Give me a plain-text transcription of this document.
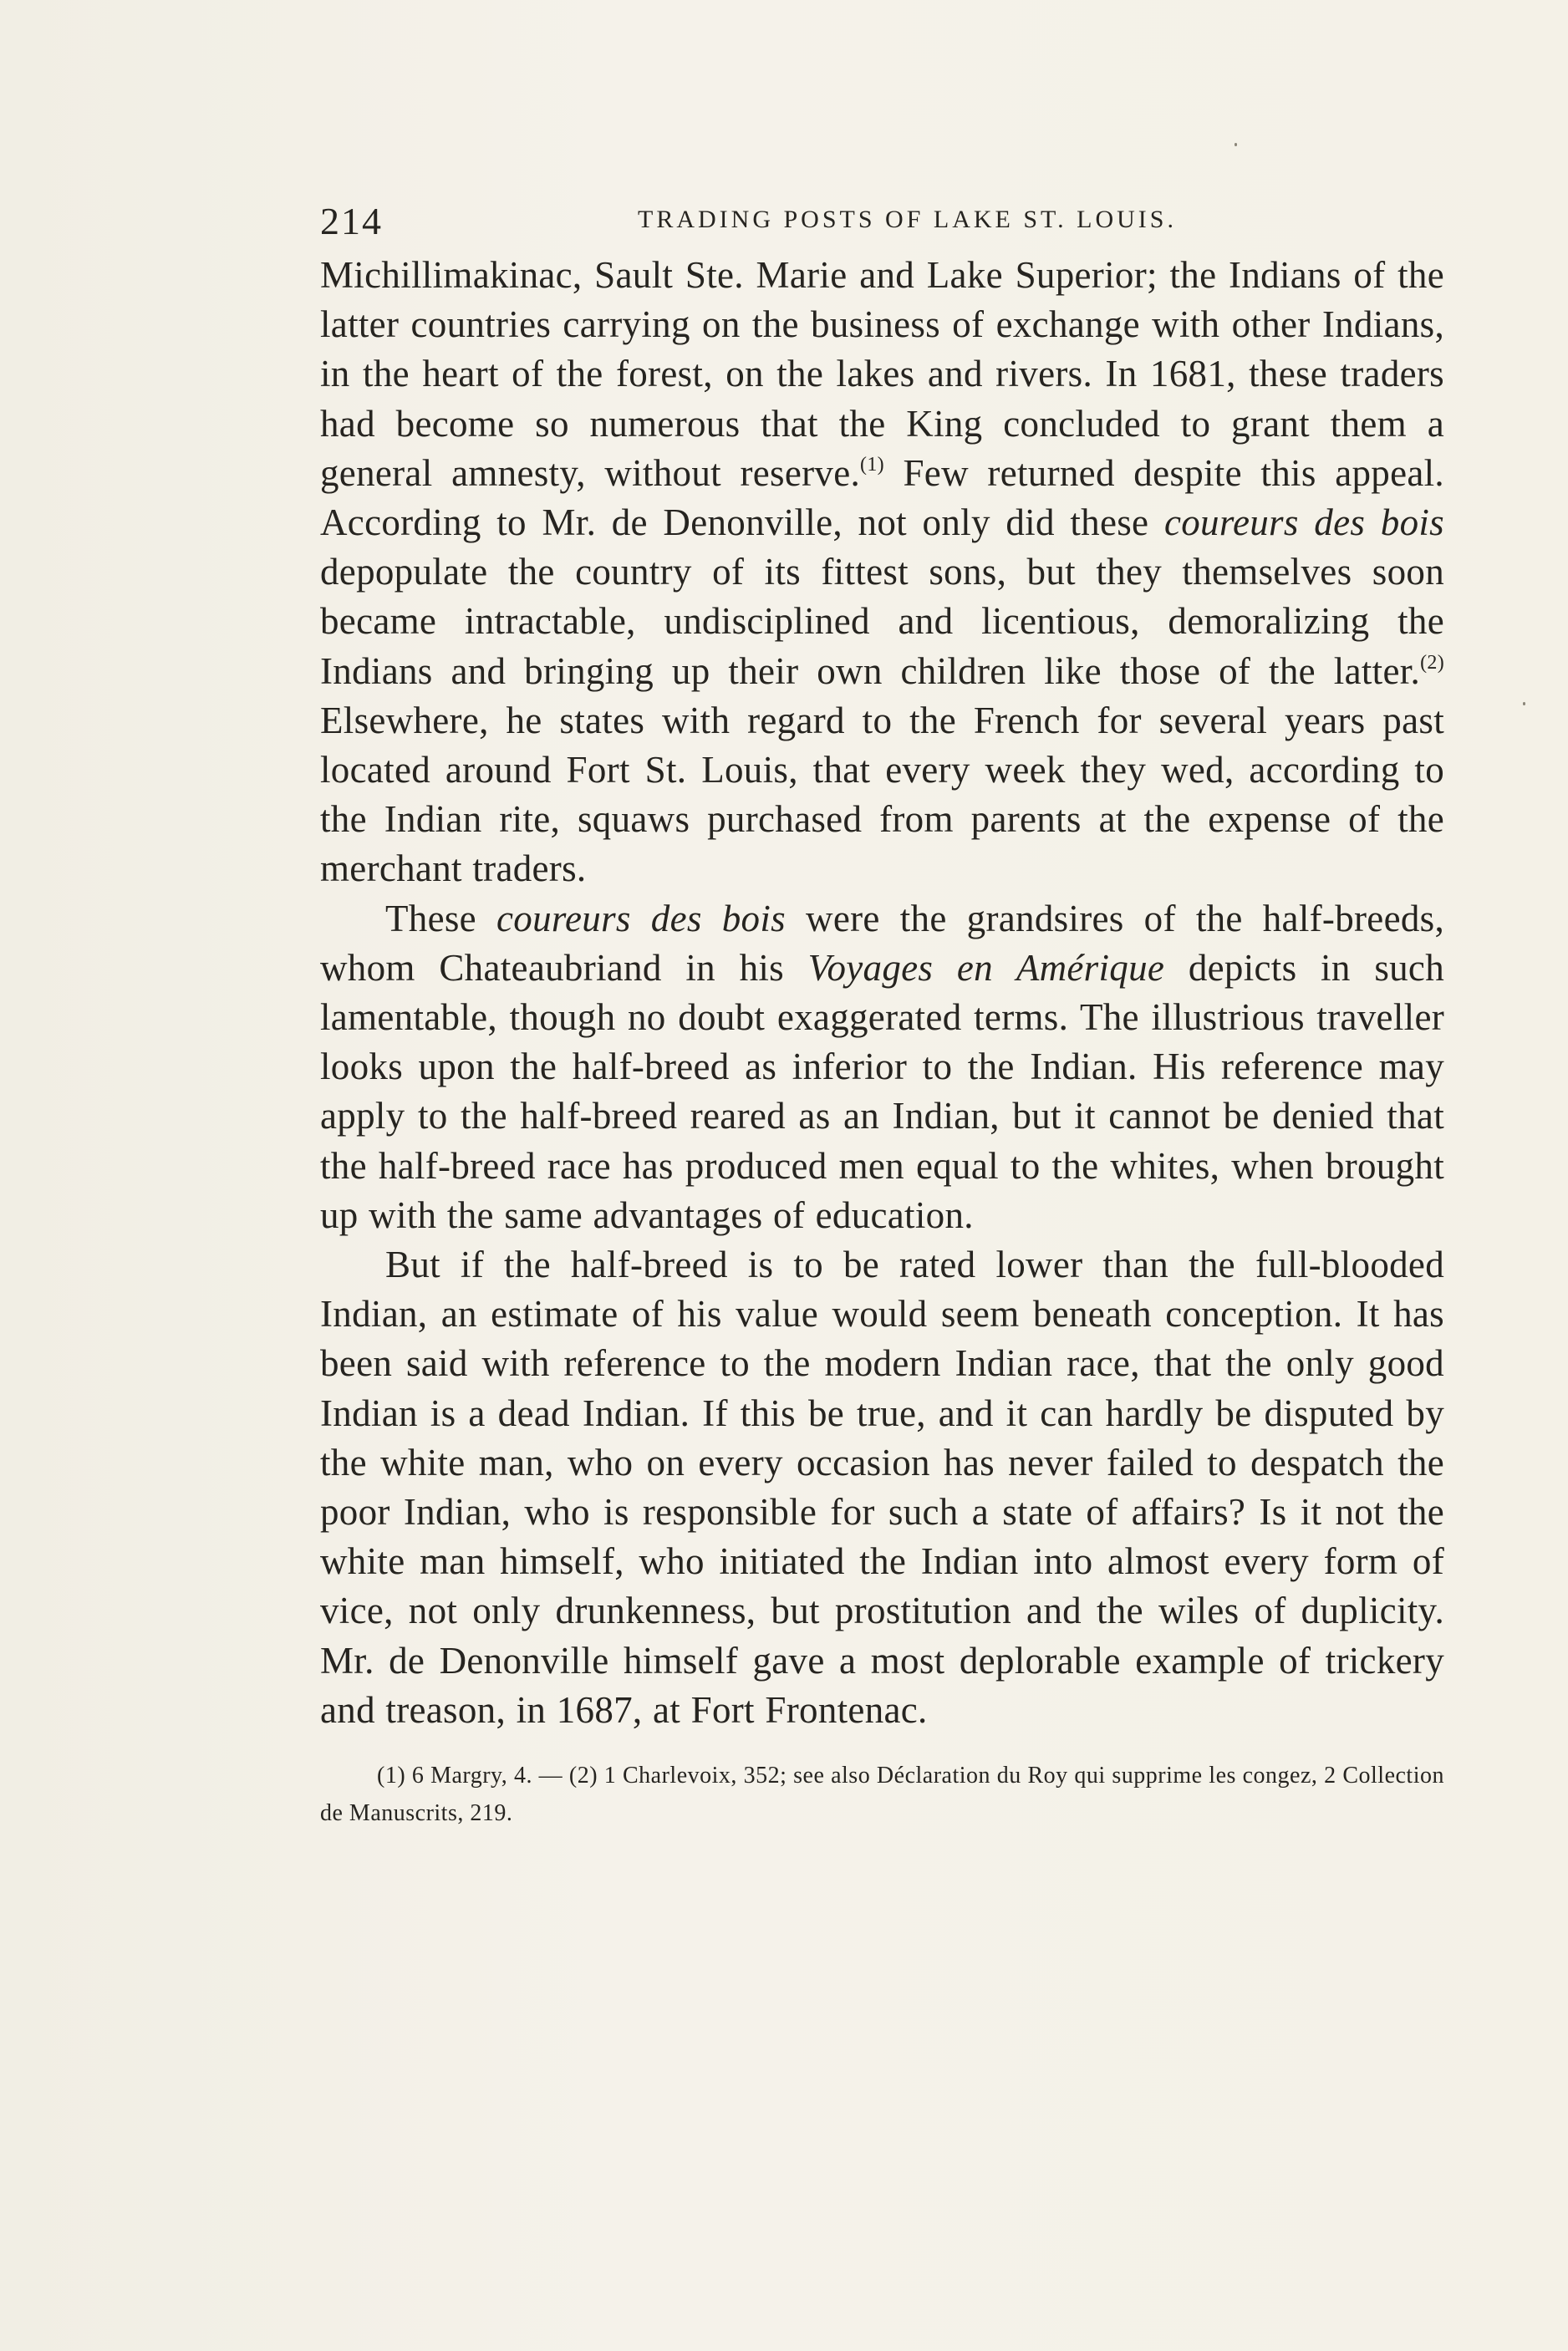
214	TRADING POSTS OF LAKE ST. LOUIS.

Michillimakinac, Sault Ste. Marie and Lake Superior; the Indians of the latter countries carrying on the business of exchange with other Indians, in the heart of the forest, on the lakes and rivers. In 1681, these traders had become so numerous that the King concluded to grant them a general amnesty, without reserve.$^{(1)}$ Few returned despite this appeal. According to Mr. de Denonville, not only did these coureurs des bois depopulate the country of its fittest sons, but they themselves soon became intractable, undisciplined and licentious, demoralizing the Indians and bringing up their own children like those of the latter.$^{(2)}$ Elsewhere, he states with regard to the French for several years past located around Fort St. Louis, that every week they wed, according to the Indian rite, squaws purchased from parents at the expense of the merchant traders.

These coureurs des bois were the grandsires of the half-breeds, whom Chateaubriand in his Voyages en Amérique depicts in such lamentable, though no doubt exaggerated terms. The illustrious traveller looks upon the half-breed as inferior to the Indian. His reference may apply to the half-breed reared as an Indian, but it cannot be denied that the half-breed race has produced men equal to the whites, when brought up with the same advantages of education.

But if the half-breed is to be rated lower than the full-blooded Indian, an estimate of his value would seem beneath conception. It has been said with reference to the modern Indian race, that the only good Indian is a dead Indian. If this be true, and it can hardly be disputed by the white man, who on every occasion has never failed to despatch the poor Indian, who is responsible for such a state of affairs? Is it not the white man himself, who initiated the Indian into almost every form of vice, not only drunkenness, but prostitution and the wiles of duplicity. Mr. de Denonville himself gave a most deplorable example of trickery and treason, in 1687, at Fort Frontenac.

(1) 6 Margry, 4. — (2) 1 Charlevoix, 352; see also Déclaration du Roy qui supprime les congez, 2 Collection de Manuscrits, 219.
